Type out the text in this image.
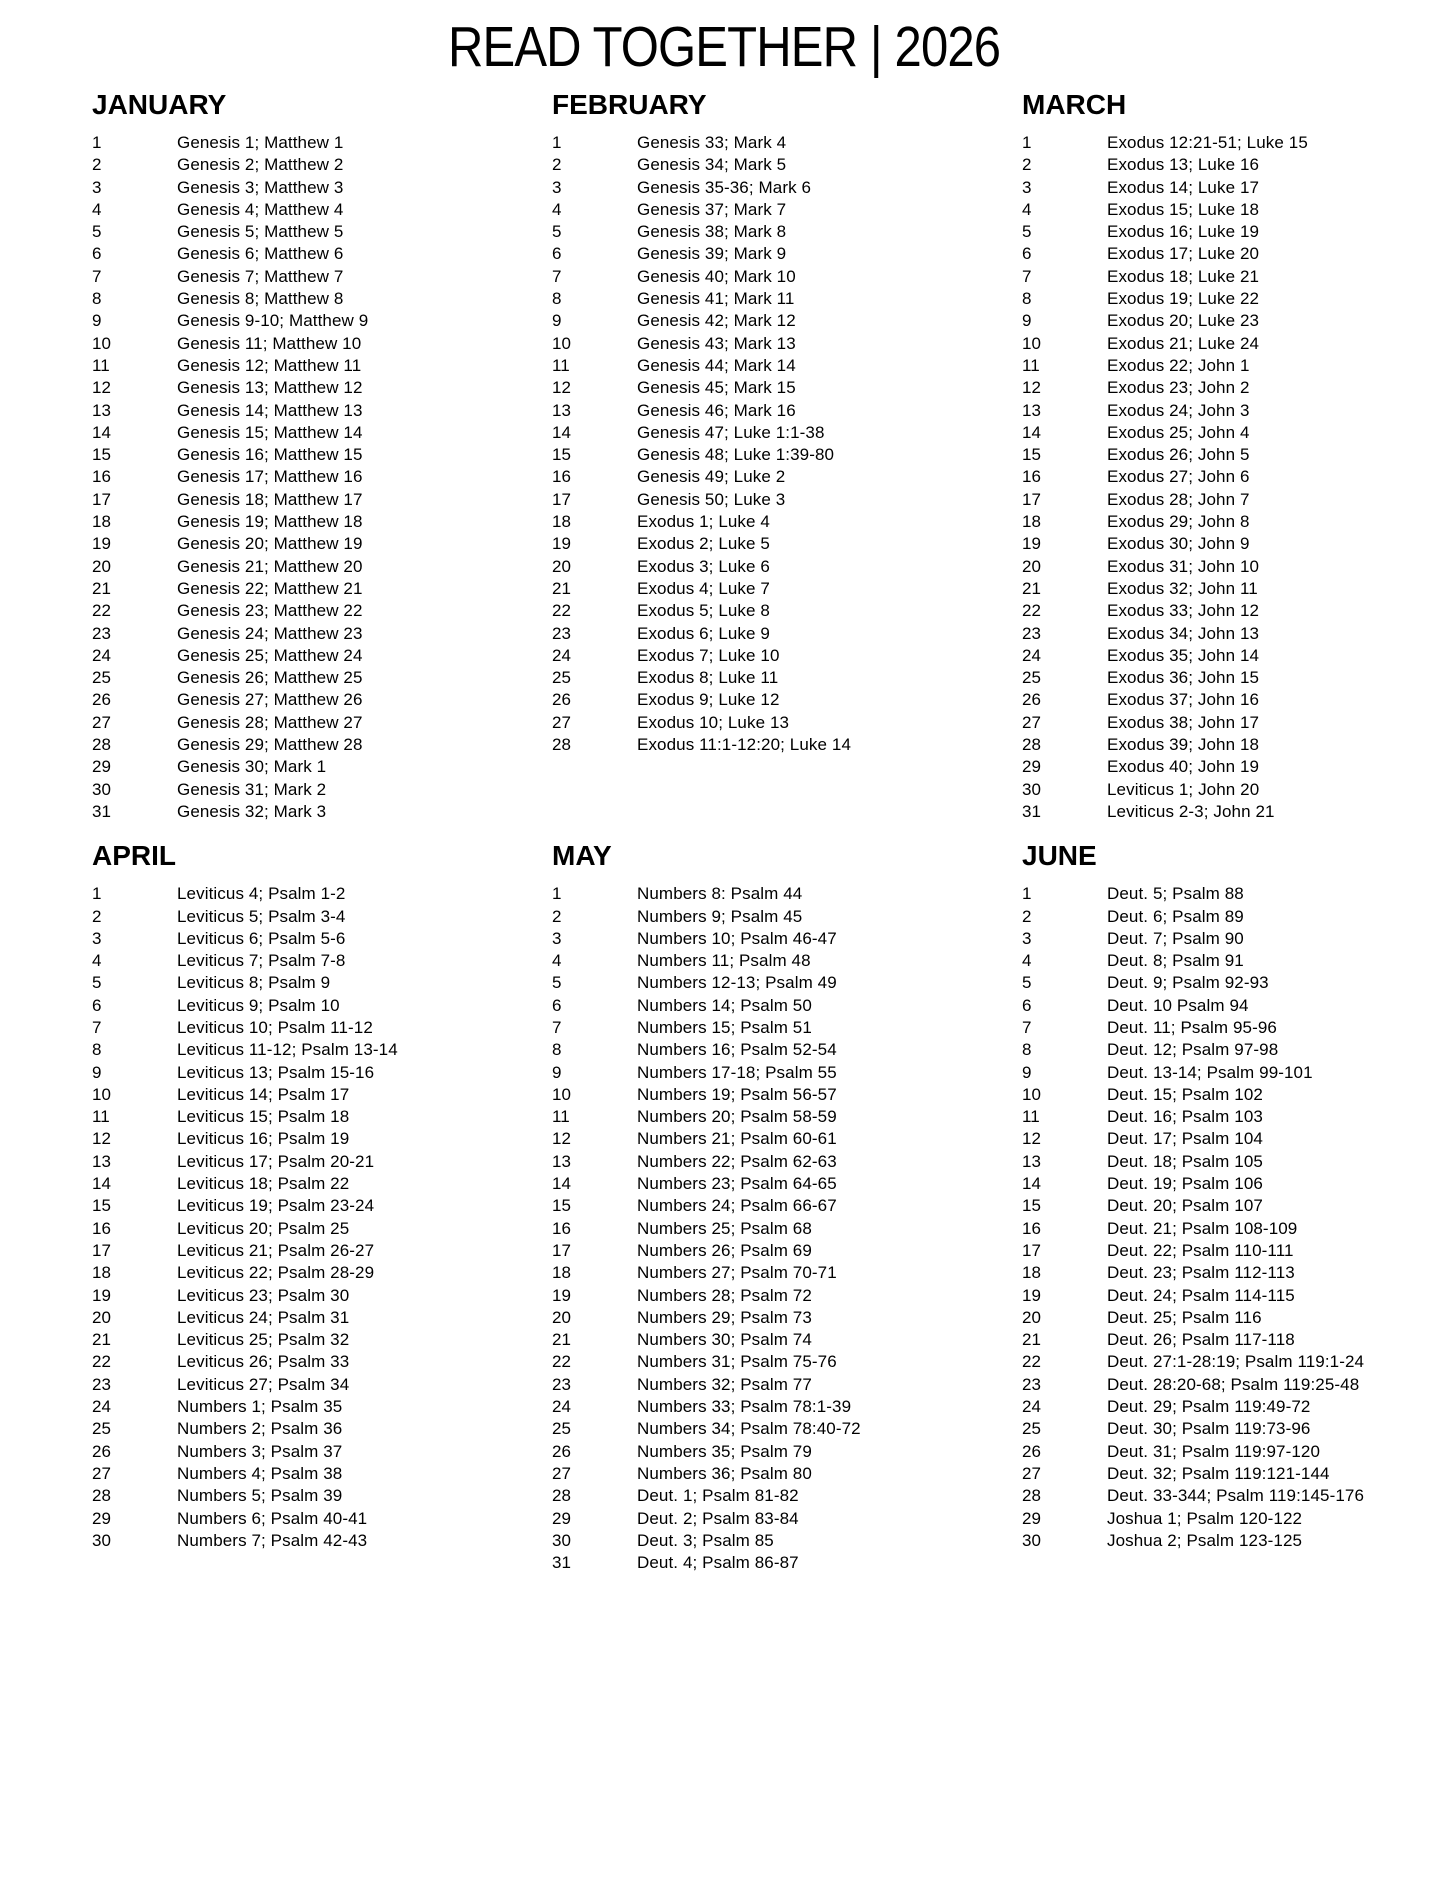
READ TOGETHER | 2026
JANUARY
1	Genesis 1; Matthew 1
2	Genesis 2; Matthew 2
3	Genesis 3; Matthew 3
4	Genesis 4; Matthew 4
5	Genesis 5; Matthew 5
6	Genesis 6; Matthew 6
7	Genesis 7; Matthew 7
8	Genesis 8; Matthew 8
9	Genesis 9-10; Matthew 9
10	Genesis 11; Matthew 10
11	Genesis 12; Matthew 11
12	Genesis 13; Matthew 12
13	Genesis 14; Matthew 13
14	Genesis 15; Matthew 14
15	Genesis 16; Matthew 15
16	Genesis 17; Matthew 16
17	Genesis 18; Matthew 17
18	Genesis 19; Matthew 18
19	Genesis 20; Matthew 19
20	Genesis 21; Matthew 20
21	Genesis 22; Matthew 21
22	Genesis 23; Matthew 22
23	Genesis 24; Matthew 23
24	Genesis 25; Matthew 24
25	Genesis 26; Matthew 25
26	Genesis 27; Matthew 26
27	Genesis 28; Matthew 27
28	Genesis 29; Matthew 28
29	Genesis 30; Mark 1
30	Genesis 31; Mark 2
31	Genesis 32; Mark 3
FEBRUARY
1	Genesis 33; Mark 4
2	Genesis 34; Mark 5
3	Genesis 35-36; Mark 6
4	Genesis 37; Mark 7
5	Genesis 38; Mark 8
6	Genesis 39; Mark 9
7	Genesis 40; Mark 10
8	Genesis 41; Mark 11
9	Genesis 42; Mark 12
10	Genesis 43; Mark 13
11	Genesis 44; Mark 14
12	Genesis 45; Mark 15
13	Genesis 46; Mark 16
14	Genesis 47; Luke 1:1-38
15	Genesis 48; Luke 1:39-80
16	Genesis 49; Luke 2
17	Genesis 50; Luke 3
18	Exodus 1; Luke 4
19	Exodus 2; Luke 5
20	Exodus 3; Luke 6
21	Exodus 4; Luke 7
22	Exodus 5; Luke 8
23	Exodus 6; Luke 9
24	Exodus 7; Luke 10
25	Exodus 8; Luke 11
26	Exodus 9; Luke 12
27	Exodus 10; Luke 13
28	Exodus 11:1-12:20; Luke 14
MARCH
1	Exodus 12:21-51; Luke 15
2	Exodus 13; Luke 16
3	Exodus 14; Luke 17
4	Exodus 15; Luke 18
5	Exodus 16; Luke 19
6	Exodus 17; Luke 20
7	Exodus 18; Luke 21
8	Exodus 19; Luke 22
9	Exodus 20; Luke 23
10	Exodus 21; Luke 24
11	Exodus 22; John 1
12	Exodus 23; John 2
13	Exodus 24; John 3
14	Exodus 25; John 4
15	Exodus 26; John 5
16	Exodus 27; John 6
17	Exodus 28; John 7
18	Exodus 29; John 8
19	Exodus 30; John 9
20	Exodus 31; John 10
21	Exodus 32; John 11
22	Exodus 33; John 12
23	Exodus 34; John 13
24	Exodus 35; John 14
25	Exodus 36; John 15
26	Exodus 37; John 16
27	Exodus 38; John 17
28	Exodus 39; John 18
29	Exodus 40; John 19
30	Leviticus 1; John 20
31	Leviticus 2-3; John 21
APRIL
1	Leviticus 4; Psalm 1-2
2	Leviticus 5; Psalm 3-4
3	Leviticus 6; Psalm 5-6
4	Leviticus 7; Psalm 7-8
5	Leviticus 8; Psalm 9
6	Leviticus 9; Psalm 10
7	Leviticus 10; Psalm 11-12
8	Leviticus 11-12; Psalm 13-14
9	Leviticus 13; Psalm 15-16
10	Leviticus 14; Psalm 17
11	Leviticus 15; Psalm 18
12	Leviticus 16; Psalm 19
13	Leviticus 17; Psalm 20-21
14	Leviticus 18; Psalm 22
15	Leviticus 19; Psalm 23-24
16	Leviticus 20; Psalm 25
17	Leviticus 21; Psalm 26-27
18	Leviticus 22; Psalm 28-29
19	Leviticus 23; Psalm 30
20	Leviticus 24; Psalm 31
21	Leviticus 25; Psalm 32
22	Leviticus 26; Psalm 33
23	Leviticus 27; Psalm 34
24	Numbers 1; Psalm 35
25	Numbers 2; Psalm 36
26	Numbers 3; Psalm 37
27	Numbers 4; Psalm 38
28	Numbers 5; Psalm 39
29	Numbers 6; Psalm 40-41
30	Numbers 7; Psalm 42-43
MAY
1	Numbers 8: Psalm 44
2	Numbers 9; Psalm 45
3	Numbers 10; Psalm 46-47
4	Numbers 11; Psalm 48
5	Numbers 12-13; Psalm 49
6	Numbers 14; Psalm 50
7	Numbers 15; Psalm 51
8	Numbers 16; Psalm 52-54
9	Numbers 17-18; Psalm 55
10	Numbers 19; Psalm 56-57
11	Numbers 20; Psalm 58-59
12	Numbers 21; Psalm 60-61
13	Numbers 22; Psalm 62-63
14	Numbers 23; Psalm 64-65
15	Numbers 24; Psalm 66-67
16	Numbers 25; Psalm 68
17	Numbers 26; Psalm 69
18	Numbers 27; Psalm 70-71
19	Numbers 28; Psalm 72
20	Numbers 29; Psalm 73
21	Numbers 30; Psalm 74
22	Numbers 31; Psalm 75-76
23	Numbers 32; Psalm 77
24	Numbers 33; Psalm 78:1-39
25	Numbers 34; Psalm 78:40-72
26	Numbers 35; Psalm 79
27	Numbers 36; Psalm 80
28	Deut. 1; Psalm 81-82
29	Deut. 2; Psalm 83-84
30	Deut. 3; Psalm 85
31	Deut. 4; Psalm 86-87
JUNE
1	Deut. 5; Psalm 88
2	Deut. 6; Psalm 89
3	Deut. 7; Psalm 90
4	Deut. 8; Psalm 91
5	Deut. 9; Psalm 92-93
6	Deut. 10 Psalm 94
7	Deut. 11; Psalm 95-96
8	Deut. 12; Psalm 97-98
9	Deut. 13-14; Psalm 99-101
10	Deut. 15; Psalm 102
11	Deut. 16; Psalm 103
12	Deut. 17; Psalm 104
13	Deut. 18; Psalm 105
14	Deut. 19; Psalm 106
15	Deut. 20; Psalm 107
16	Deut. 21; Psalm 108-109
17	Deut. 22; Psalm 110-111
18	Deut. 23; Psalm 112-113
19	Deut. 24; Psalm 114-115
20	Deut. 25; Psalm 116
21	Deut. 26; Psalm 117-118
22	Deut. 27:1-28:19; Psalm 119:1-24
23	Deut. 28:20-68; Psalm 119:25-48
24	Deut. 29; Psalm 119:49-72
25	Deut. 30; Psalm 119:73-96
26	Deut. 31; Psalm 119:97-120
27	Deut. 32; Psalm 119:121-144
28	Deut. 33-344; Psalm 119:145-176
29	Joshua 1; Psalm 120-122
30	Joshua 2; Psalm 123-125
